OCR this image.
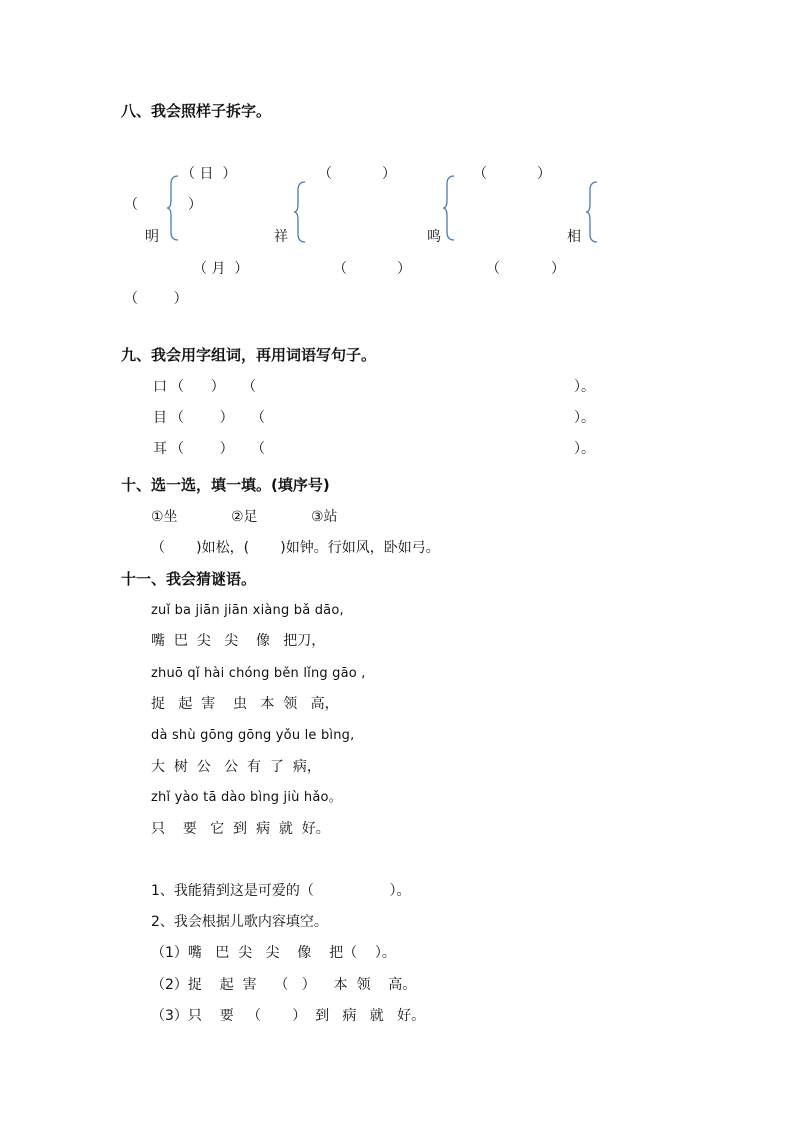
八、我会照样子拆字。
（ 日  ）
（	）
（ 月  ）
（        ）
明	祥	鸣	相
（	）	（	）
（	）	（	）
九、我会用字组词，再用词语写句子。
口 （      ） （	）。
目 （        ） （	）。
耳 （        ） （	）。
十、选一选，填一填。(填序号)
①坐	②足	③站
（       )如松，(       )如钟。行如风，卧如弓。
十一、我会猜谜语。
zuǐ ba jiān jiān xiàng bǎ dāo,
嘴  巴  尖   尖    像   把刀，
zhuō qǐ hài chóng běn lǐng gāo ,
捉   起  害    虫   本  领   高，
dà shù gōng gōng yǒu le bìng,
大  树  公   公  有  了  病，
zhǐ yào tā dào bìng jiù hǎo。
只    要   它  到  病  就  好。
1、我能猜到这是可爱的（                 ）。
2、我会根据儿歌内容填空。
（1）嘴   巴  尖   尖    像    把（    ）。
（2）捉    起  害    （   ）    本  领    高。
（3）只    要   （       ）  到   病   就   好。
